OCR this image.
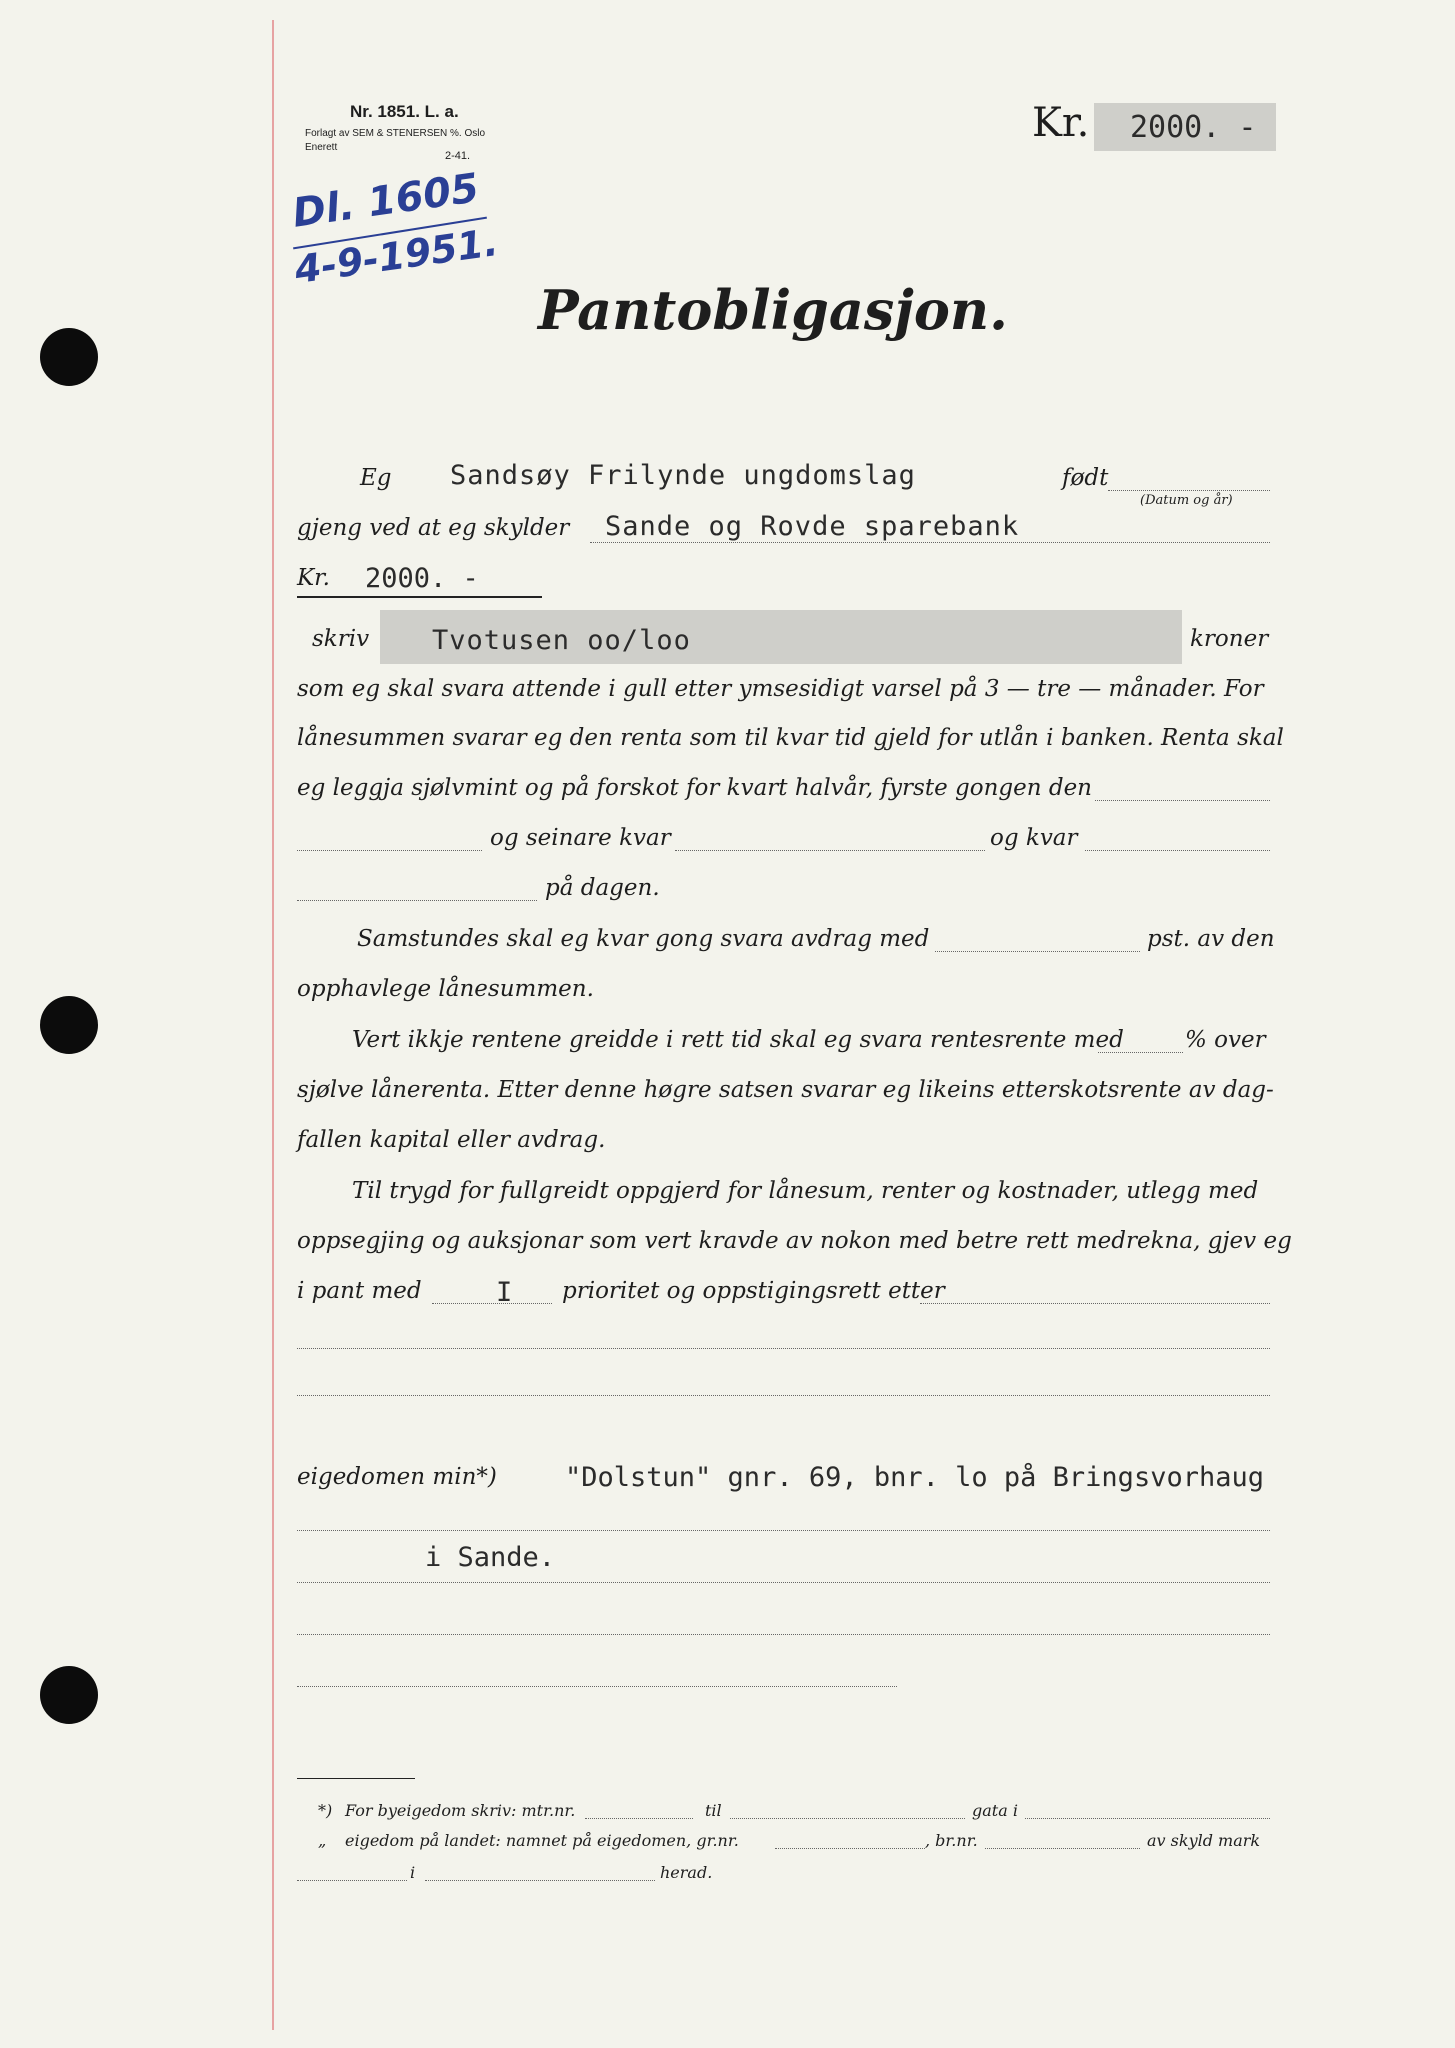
Nr. 1851. L. a.
Forlagt av SEM & STENERSEN %. Oslo
Enerett
2-41.
Kr. 2000. -
Dl. 1605
4-9-1951.
Pantobligasjon.
Eg Sandsøy Frilynde ungdomslag	født
(Datum og år)
gjeng ved at eg skylder Sande og Rovde sparebank
Kr. 2000. -
skriv Tvotusen oo/loo	kroner
som eg skal svara attende i gull etter ymsesidigt varsel på 3 — tre — månader. For
lånesummen svarar eg den renta som til kvar tid gjeld for utlån i banken. Renta skal
eg leggja sjølvmint og på forskot for kvart halvår, fyrste gongen den
og seinare kvar	og kvar
på dagen.
Samstundes skal eg kvar gong svara avdrag med	pst. av den
opphavlege lånesummen.
Vert ikkje rentene greidde i rett tid skal eg svara rentesrente med	% over
sjølve lånerenta. Etter denne høgre satsen svarar eg likeins etterskotsrente av dag-
fallen kapital eller avdrag.
Til trygd for fullgreidt oppgjerd for lånesum, renter og kostnader, utlegg med
oppsegjing og auksjonar som vert kravde av nokon med betre rett medrekna, gjev eg
i pant med	I prioritet og oppstigingsrett etter
eigedomen min*)	"Dolstun" gnr. 69, bnr. lo på Bringsvorhaug
i Sande.
*) For byeigedom skriv: mtr.nr.	til	gata i
„ eigedom på landet: namnet på eigedomen, gr.nr.	, br.nr.	av skyld mark
i	herad.
